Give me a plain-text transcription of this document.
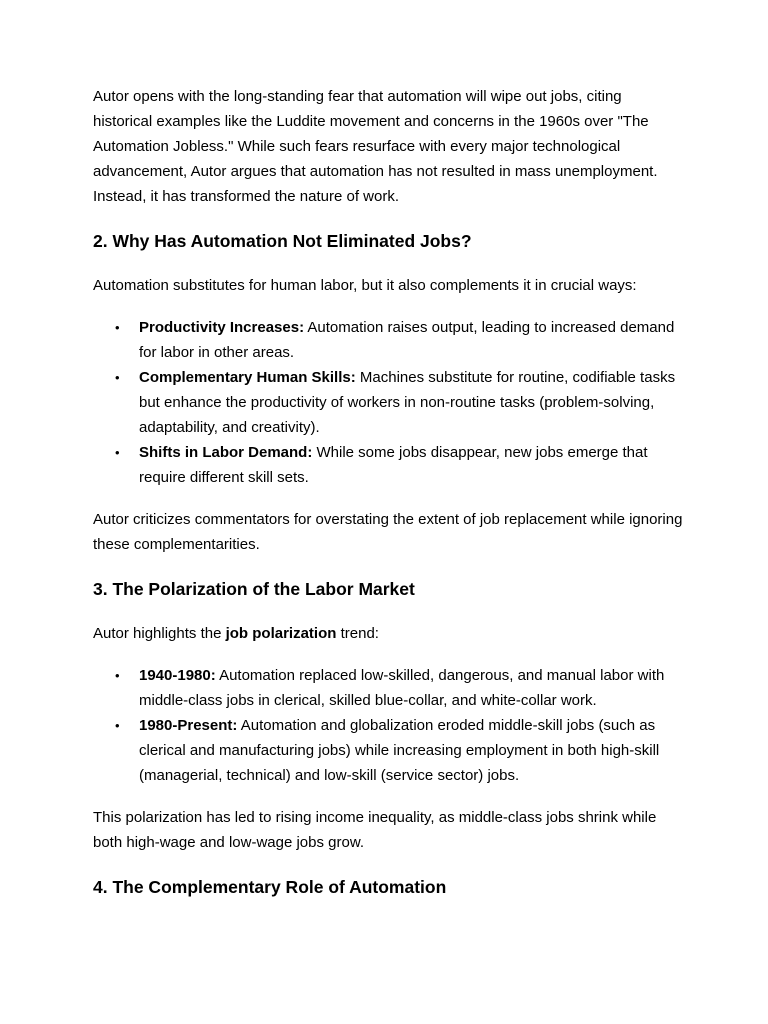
Autor opens with the long-standing fear that automation will wipe out jobs, citing historical examples like the Luddite movement and concerns in the 1960s over "The Automation Jobless." While such fears resurface with every major technological advancement, Autor argues that automation has not resulted in mass unemployment. Instead, it has transformed the nature of work.

2. Why Has Automation Not Eliminated Jobs?

Automation substitutes for human labor, but it also complements it in crucial ways:

• Productivity Increases: Automation raises output, leading to increased demand for labor in other areas.
• Complementary Human Skills: Machines substitute for routine, codifiable tasks but enhance the productivity of workers in non-routine tasks (problem-solving, adaptability, and creativity).
• Shifts in Labor Demand: While some jobs disappear, new jobs emerge that require different skill sets.

Autor criticizes commentators for overstating the extent of job replacement while ignoring these complementarities.

3. The Polarization of the Labor Market

Autor highlights the job polarization trend:

• 1940-1980: Automation replaced low-skilled, dangerous, and manual labor with middle-class jobs in clerical, skilled blue-collar, and white-collar work.
• 1980-Present: Automation and globalization eroded middle-skill jobs (such as clerical and manufacturing jobs) while increasing employment in both high-skill (managerial, technical) and low-skill (service sector) jobs.

This polarization has led to rising income inequality, as middle-class jobs shrink while both high-wage and low-wage jobs grow.

4. The Complementary Role of Automation
